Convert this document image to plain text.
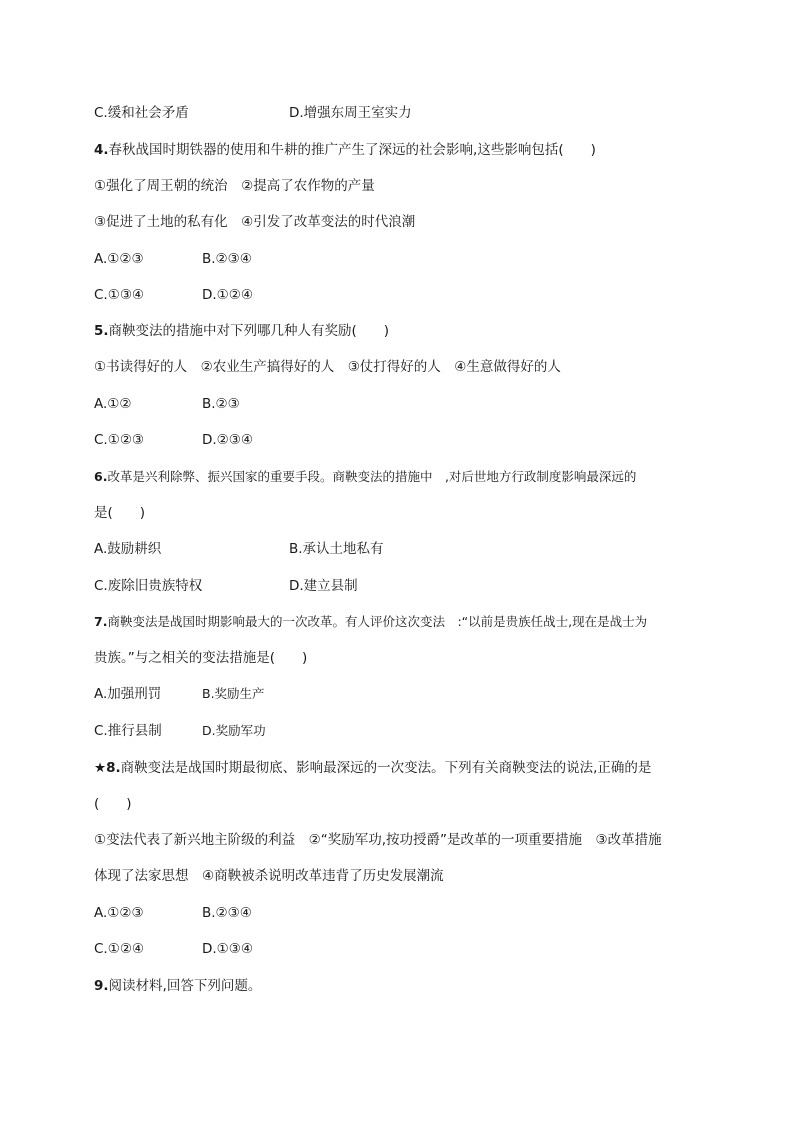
C.缓和社会矛盾	D.增强东周王室实力
4.春秋战国时期铁器的使用和牛耕的推广产生了深远的社会影响,这些影响包括(　　)
①强化了周王朝的统治　②提高了农作物的产量
③促进了土地的私有化　④引发了改革变法的时代浪潮
A.①②③	B.②③④
C.①③④	D.①②④
5.商鞅变法的措施中对下列哪几种人有奖励(　　)
①书读得好的人　②农业生产搞得好的人　③仗打得好的人　④生意做得好的人
A.①②	B.②③
C.①②③	D.②③④
6.改革是兴利除弊、振兴国家的重要手段。商鞅变法的措施中　,对后世地方行政制度影响最深远的
是(　　)
A.鼓励耕织	B.承认土地私有
C.废除旧贵族特权	D.建立县制
7.商鞅变法是战国时期影响最大的一次改革。有人评价这次变法　:“以前是贵族任战士,现在是战士为
贵族。”与之相关的变法措施是(　　)
A.加强刑罚	B.奖励生产
C.推行县制	D.奖励军功
★8.商鞅变法是战国时期最彻底、影响最深远的一次变法。下列有关商鞅变法的说法,正确的是
(　　)
①变法代表了新兴地主阶级的利益　②“奖励军功,按功授爵”是改革的一项重要措施　③改革措施
体现了法家思想　④商鞅被杀说明改革违背了历史发展潮流
A.①②③	B.②③④
C.①②④	D.①③④
9.阅读材料,回答下列问题。
